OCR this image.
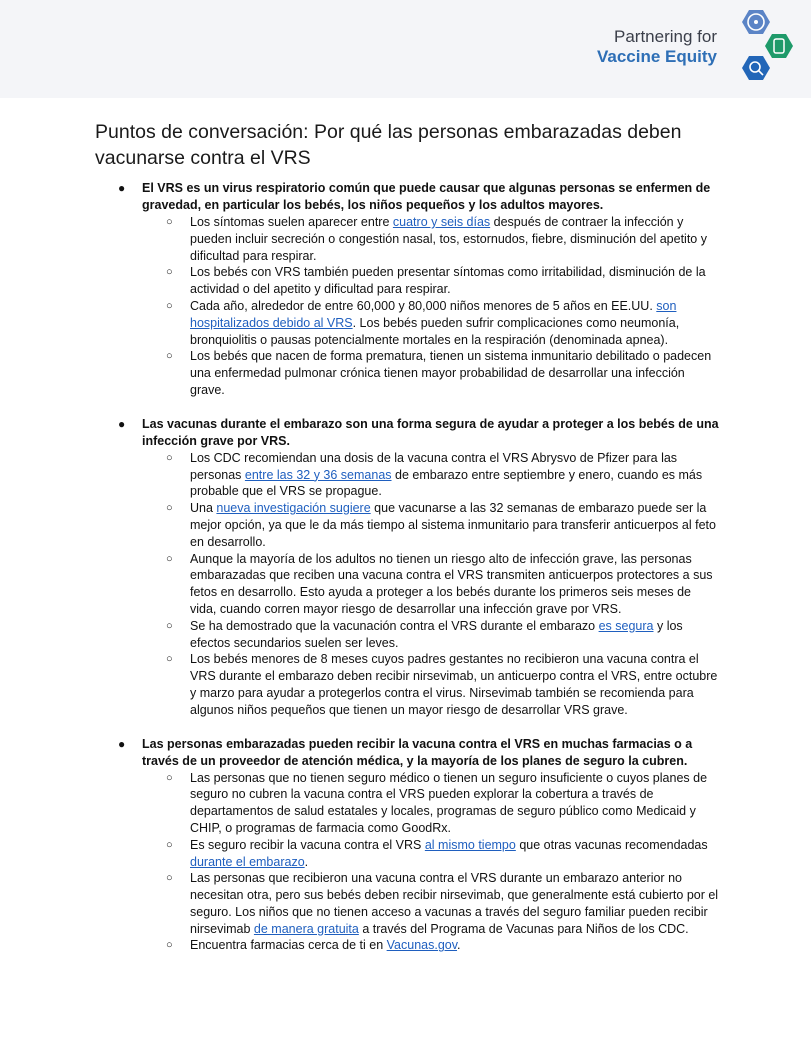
Partnering for
Vaccine Equity
Puntos de conversación: Por qué las personas embarazadas deben vacunarse contra el VRS
● El VRS es un virus respiratorio común que puede causar que algunas personas se enfermen de gravedad, en particular los bebés, los niños pequeños y los adultos mayores.
○ Los síntomas suelen aparecer entre cuatro y seis días después de contraer la infección y pueden incluir secreción o congestión nasal, tos, estornudos, fiebre, disminución del apetito y dificultad para respirar.
○ Los bebés con VRS también pueden presentar síntomas como irritabilidad, disminución de la actividad o del apetito y dificultad para respirar.
○ Cada año, alrededor de entre 60,000 y 80,000 niños menores de 5 años en EE.UU. son hospitalizados debido al VRS. Los bebés pueden sufrir complicaciones como neumonía, bronquiolitis o pausas potencialmente mortales en la respiración (denominada apnea).
○ Los bebés que nacen de forma prematura, tienen un sistema inmunitario debilitado o padecen una enfermedad pulmonar crónica tienen mayor probabilidad de desarrollar una infección grave.
● Las vacunas durante el embarazo son una forma segura de ayudar a proteger a los bebés de una infección grave por VRS.
○ Los CDC recomiendan una dosis de la vacuna contra el VRS Abrysvo de Pfizer para las personas entre las 32 y 36 semanas de embarazo entre septiembre y enero, cuando es más probable que el VRS se propague.
○ Una nueva investigación sugiere que vacunarse a las 32 semanas de embarazo puede ser la mejor opción, ya que le da más tiempo al sistema inmunitario para transferir anticuerpos al feto en desarrollo.
○ Aunque la mayoría de los adultos no tienen un riesgo alto de infección grave, las personas embarazadas que reciben una vacuna contra el VRS transmiten anticuerpos protectores a sus fetos en desarrollo. Esto ayuda a proteger a los bebés durante los primeros seis meses de vida, cuando corren mayor riesgo de desarrollar una infección grave por VRS.
○ Se ha demostrado que la vacunación contra el VRS durante el embarazo es segura y los efectos secundarios suelen ser leves.
○ Los bebés menores de 8 meses cuyos padres gestantes no recibieron una vacuna contra el VRS durante el embarazo deben recibir nirsevimab, un anticuerpo contra el VRS, entre octubre y marzo para ayudar a protegerlos contra el virus. Nirsevimab también se recomienda para algunos niños pequeños que tienen un mayor riesgo de desarrollar VRS grave.
● Las personas embarazadas pueden recibir la vacuna contra el VRS en muchas farmacias o a través de un proveedor de atención médica, y la mayoría de los planes de seguro la cubren.
○ Las personas que no tienen seguro médico o tienen un seguro insuficiente o cuyos planes de seguro no cubren la vacuna contra el VRS pueden explorar la cobertura a través de departamentos de salud estatales y locales, programas de seguro público como Medicaid y CHIP, o programas de farmacia como GoodRx.
○ Es seguro recibir la vacuna contra el VRS al mismo tiempo que otras vacunas recomendadas durante el embarazo.
○ Las personas que recibieron una vacuna contra el VRS durante un embarazo anterior no necesitan otra, pero sus bebés deben recibir nirsevimab, que generalmente está cubierto por el seguro. Los niños que no tienen acceso a vacunas a través del seguro familiar pueden recibir nirsevimab de manera gratuita a través del Programa de Vacunas para Niños de los CDC.
○ Encuentra farmacias cerca de ti en Vacunas.gov.
